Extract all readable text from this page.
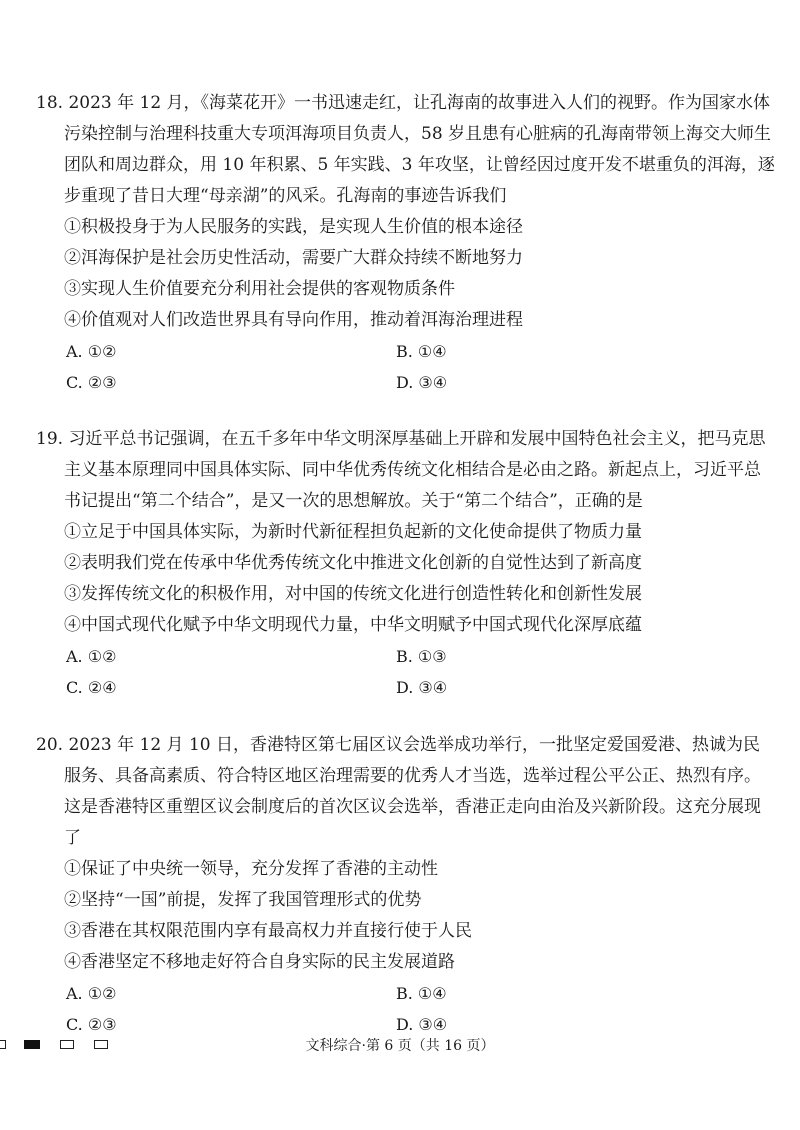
18. 2023 年 12 月，《海菜花开》一书迅速走红，让孔海南的故事进入人们的视野。作为国家水体污染控制与治理科技重大专项洱海项目负责人，58 岁且患有心脏病的孔海南带领上海交大师生团队和周边群众，用 10 年积累、5 年实践、3 年攻坚，让曾经因过度开发不堪重负的洱海，逐步重现了昔日大理“母亲湖”的风采。孔海南的事迹告诉我们

①积极投身于为人民服务的实践，是实现人生价值的根本途径
②洱海保护是社会历史性活动，需要广大群众持续不断地努力
③实现人生价值要充分利用社会提供的客观物质条件
④价值观对人们改造世界具有导向作用，推动着洱海治理进程
A. ①②	B. ①④
C. ②③	D. ③④

19. 习近平总书记强调，在五千多年中华文明深厚基础上开辟和发展中国特色社会主义，把马克思主义基本原理同中国具体实际、同中华优秀传统文化相结合是必由之路。新起点上，习近平总书记提出“第二个结合”，是又一次的思想解放。关于“第二个结合”，正确的是

①立足于中国具体实际，为新时代新征程担负起新的文化使命提供了物质力量
②表明我们党在传承中华优秀传统文化中推进文化创新的自觉性达到了新高度
③发挥传统文化的积极作用，对中国的传统文化进行创造性转化和创新性发展
④中国式现代化赋予中华文明现代力量，中华文明赋予中国式现代化深厚底蕴
A. ①②	B. ①③
C. ②④	D. ③④

20. 2023 年 12 月 10 日，香港特区第七届区议会选举成功举行，一批坚定爱国爱港、热诚为民服务、具备高素质、符合特区地区治理需要的优秀人才当选，选举过程公平公正、热烈有序。这是香港特区重塑区议会制度后的首次区议会选举，香港正走向由治及兴新阶段。这充分展现了

①保证了中央统一领导，充分发挥了香港的主动性
②坚持“一国”前提，发挥了我国管理形式的优势
③香港在其权限范围内享有最高权力并直接行使于人民
④香港坚定不移地走好符合自身实际的民主发展道路
A. ①②	B. ①④
C. ②③	D. ③④
文科综合·第 6 页（共 16 页）
